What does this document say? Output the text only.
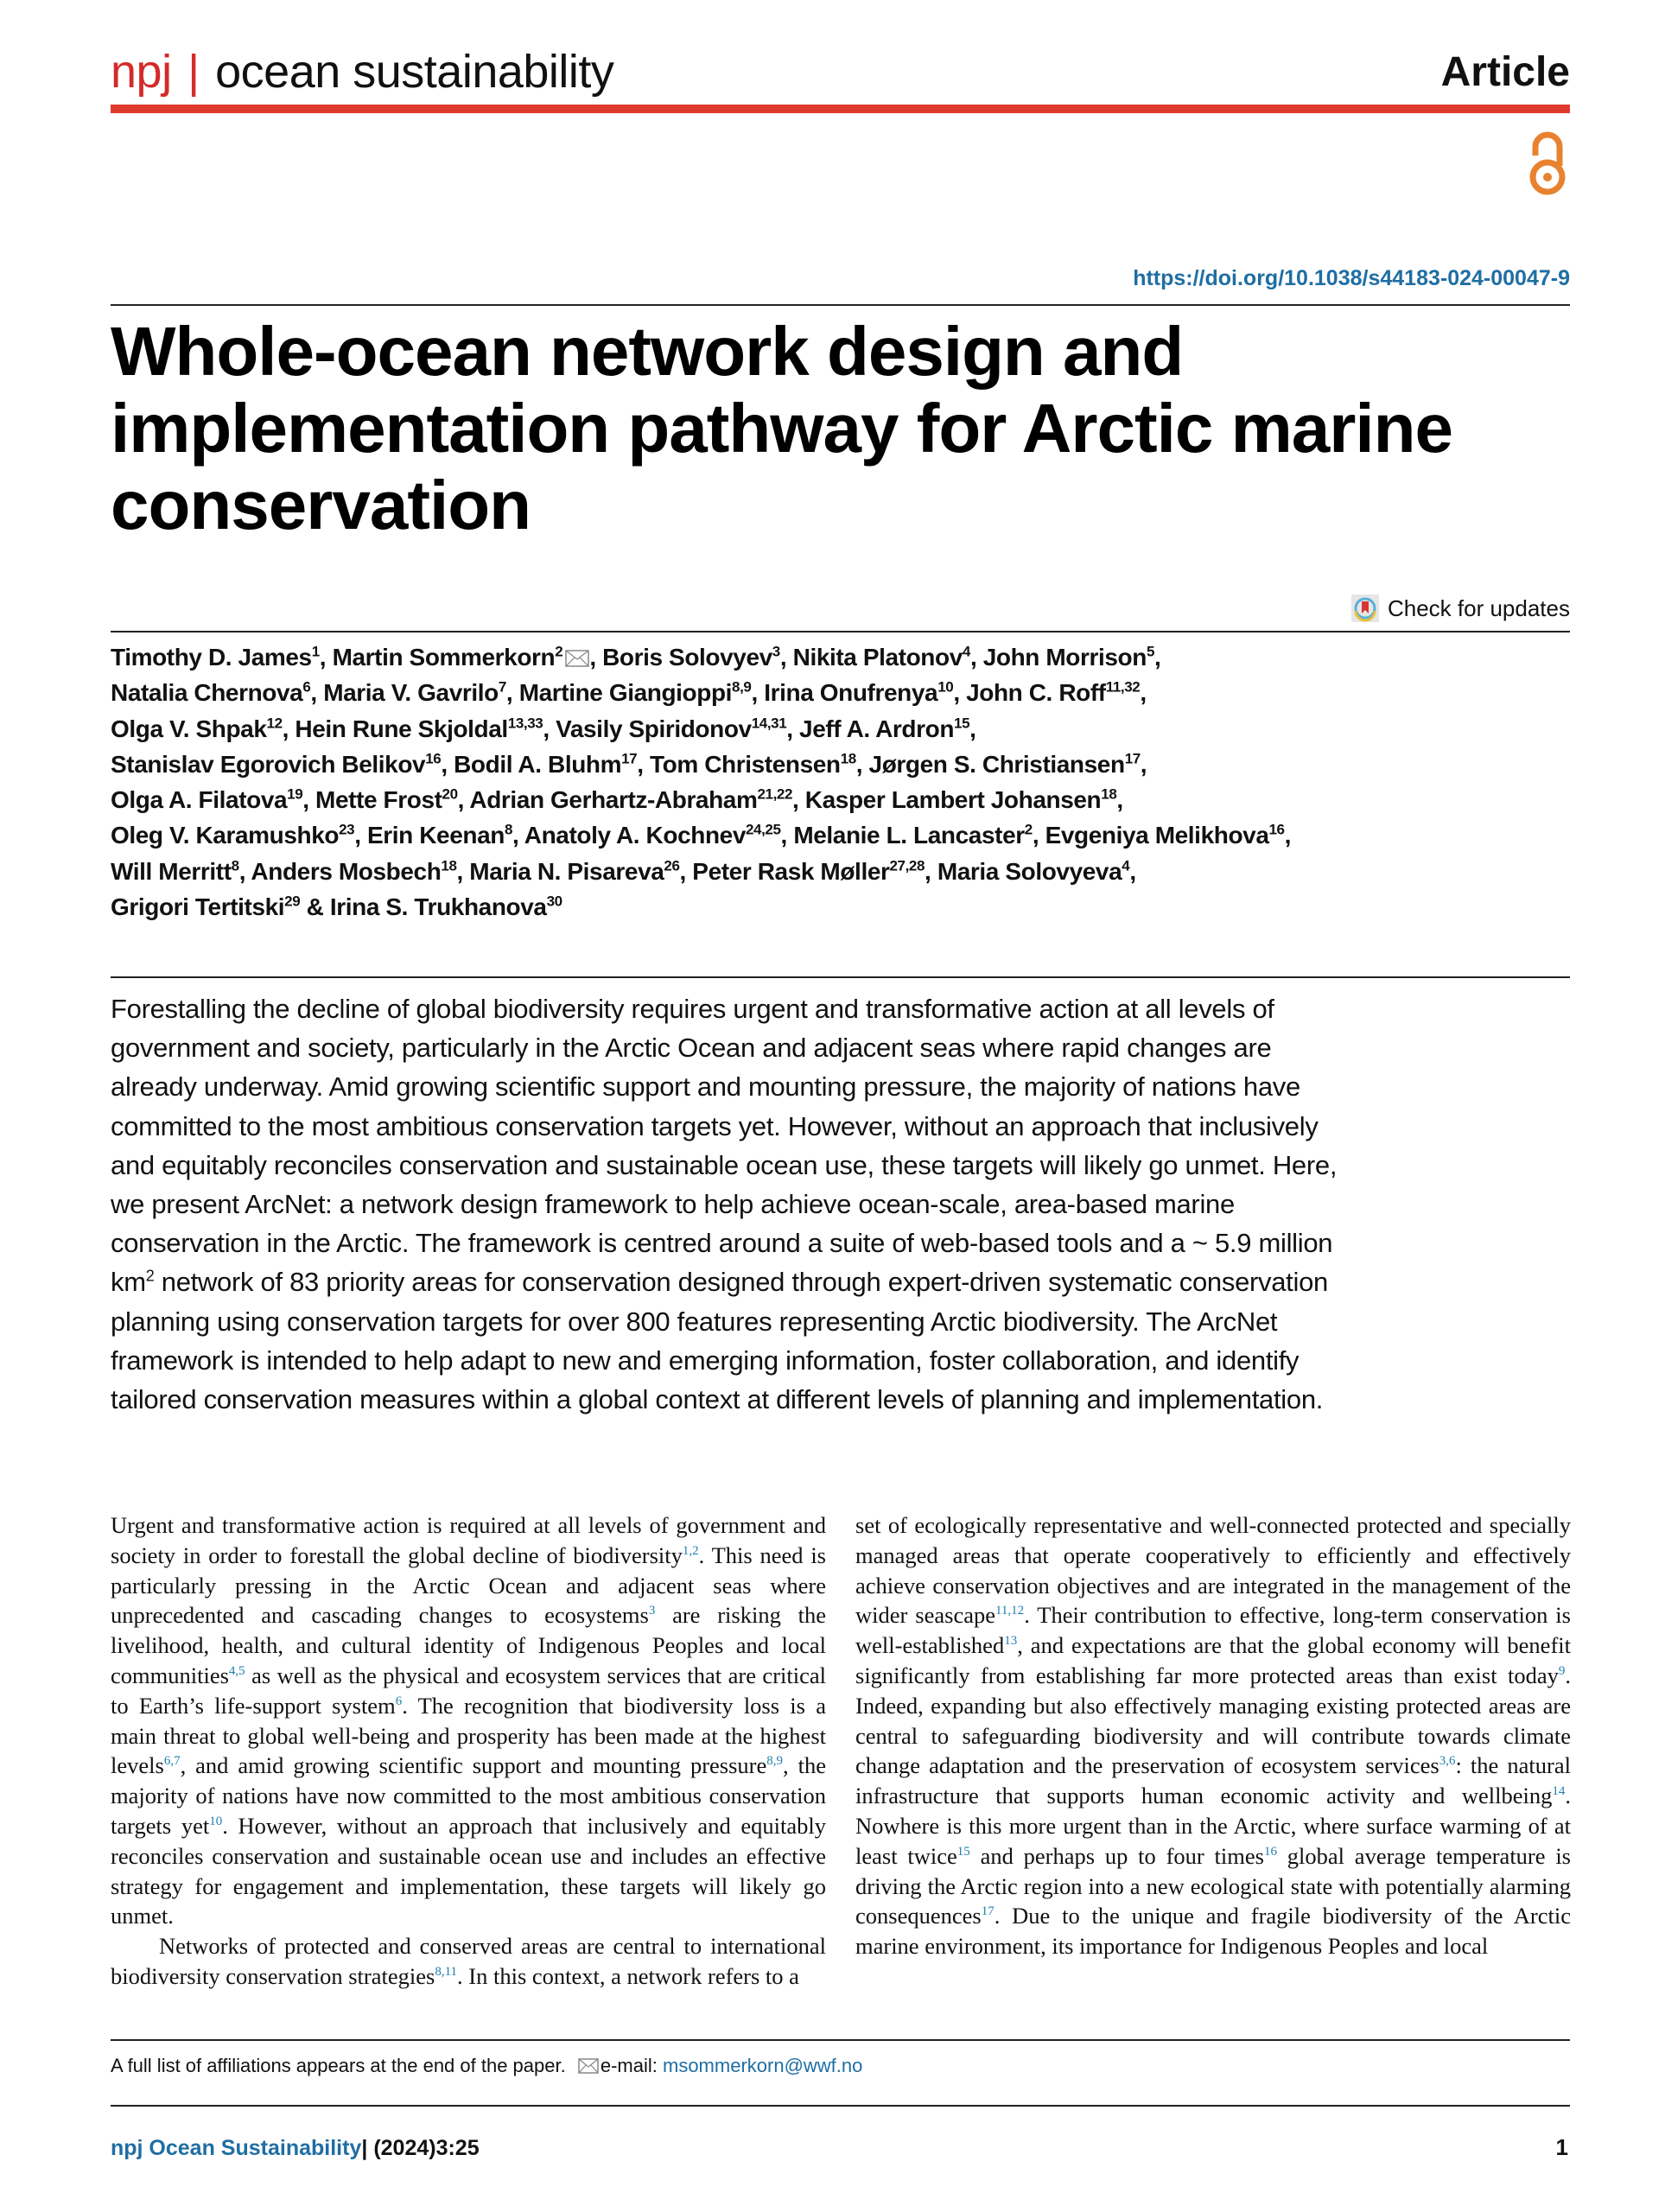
npj | ocean sustainability	Article
https://doi.org/10.1038/s44183-024-00047-9
Whole-ocean network design and implementation pathway for Arctic marine conservation
Check for updates
Timothy D. James$^1$, Martin Sommerkorn$^2$ , Boris Solovyev$^3$, Nikita Platonov$^4$, John Morrison$^5$,
Natalia Chernova$^6$, Maria V. Gavrilo$^7$, Martine Giangioppi$^{8,9}$, Irina Onufrenya$^{10}$, John C. Roff$^{11,32}$,
Olga V. Shpak$^{12}$, Hein Rune Skjoldal$^{13,33}$, Vasily Spiridonov$^{14,31}$, Jeff A. Ardron$^{15}$,
Stanislav Egorovich Belikov$^{16}$, Bodil A. Bluhm$^{17}$, Tom Christensen$^{18}$, Jørgen S. Christiansen$^{17}$,
Olga A. Filatova$^{19}$, Mette Frost$^{20}$, Adrian Gerhartz-Abraham$^{21,22}$, Kasper Lambert Johansen$^{18}$,
Oleg V. Karamushko$^{23}$, Erin Keenan$^8$, Anatoly A. Kochnev$^{24,25}$, Melanie L. Lancaster$^2$, Evgeniya Melikhova$^{16}$,
Will Merritt$^8$, Anders Mosbech$^{18}$, Maria N. Pisareva$^{26}$, Peter Rask Møller$^{27,28}$, Maria Solovyeva$^4$,
Grigori Tertitski$^{29}$ & Irina S. Trukhanova$^{30}$
Forestalling the decline of global biodiversity requires urgent and transformative action at all levels of government and society, particularly in the Arctic Ocean and adjacent seas where rapid changes are already underway. Amid growing scientific support and mounting pressure, the majority of nations have committed to the most ambitious conservation targets yet. However, without an approach that inclusively and equitably reconciles conservation and sustainable ocean use, these targets will likely go unmet. Here, we present ArcNet: a network design framework to help achieve ocean-scale, area-based marine conservation in the Arctic. The framework is centred around a suite of web-based tools and a ~ 5.9 million $km^2$ network of 83 priority areas for conservation designed through expert-driven systematic conservation planning using conservation targets for over 800 features representing Arctic biodiversity. The ArcNet framework is intended to help adapt to new and emerging information, foster collaboration, and identify tailored conservation measures within a global context at different levels of planning and implementation.

Urgent and transformative action is required at all levels of government and society in order to forestall the global decline of biodiversity$^{1,2}$. This need is particularly pressing in the Arctic Ocean and adjacent seas where unprecedented and cascading changes to ecosystems$^3$ are risking the livelihood, health, and cultural identity of Indigenous Peoples and local communities$^{4,5}$ as well as the physical and ecosystem services that are critical to Earth’s life-support system$^6$. The recognition that biodiversity loss is a main threat to global well-being and prosperity has been made at the highest levels$^{6,7}$, and amid growing scientific support and mounting pressure$^{8,9}$, the majority of nations have now committed to the most ambitious conservation targets yet$^{10}$. However, without an approach that inclusively and equitably reconciles conservation and sustainable ocean use and includes an effective strategy for engagement and implementation, these targets will likely go unmet.

Networks of protected and conserved areas are central to international biodiversity conservation strategies$^{8,11}$. In this context, a network refers to a

set of ecologically representative and well-connected protected and specially managed areas that operate cooperatively to efficiently and effectively achieve conservation objectives and are integrated in the management of the wider seascape$^{11,12}$. Their contribution to effective, long-term conservation is well-established$^{13}$, and expectations are that the global economy will benefit significantly from establishing far more protected areas than exist today$^9$. Indeed, expanding but also effectively managing existing protected areas are central to safeguarding biodiversity and will contribute towards climate change adaptation and the preservation of ecosystem services$^{3,6}$: the natural infrastructure that supports human economic activity and wellbeing$^{14}$. Nowhere is this more urgent than in the Arctic, where surface warming of at least twice$^{15}$ and perhaps up to four times$^{16}$ global average temperature is driving the Arctic region into a new ecological state with potentially alarming consequences$^{17}$. Due to the unique and fragile biodiversity of the Arctic marine environment, its importance for Indigenous Peoples and local

A full list of affiliations appears at the end of the paper. e-mail: msommerkorn@wwf.no
npj Ocean Sustainability| (2024)3:25	1
